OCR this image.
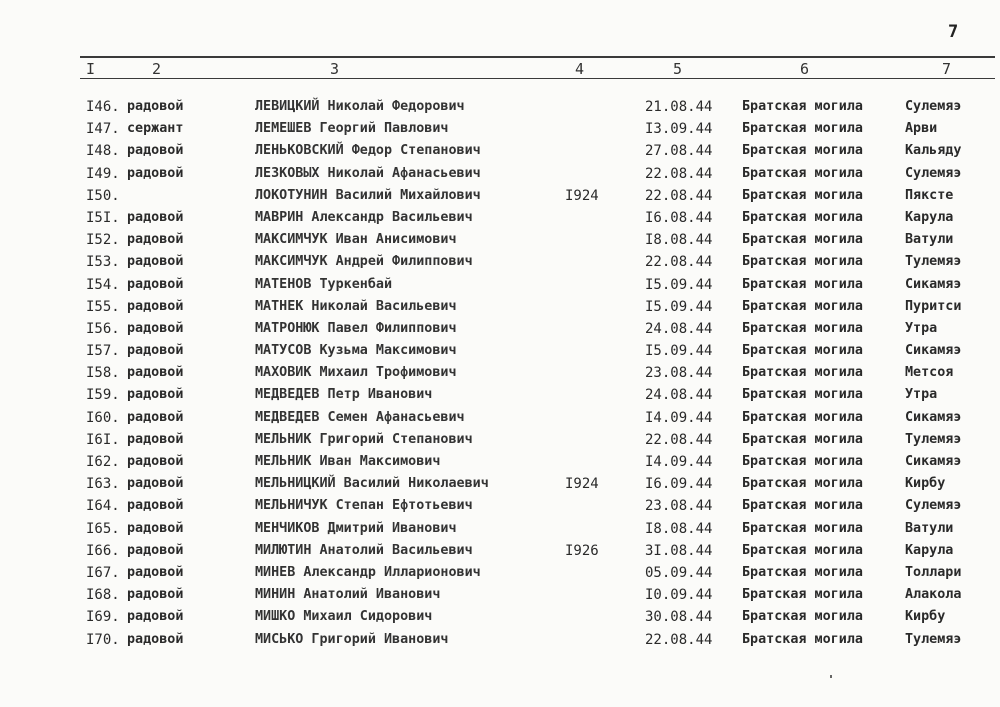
7
I	2	3	4	5	6	7
I46. радовой	ЛЕВИЦКИЙ Николай Федорович	21.08.44 Братская могила	Сулемяэ
I47. сержант	ЛЕМЕШЕВ Георгий Павлович	I3.09.44 Братская могила	Арви
I48. радовой	ЛЕНЬКОВСКИЙ Федор Степанович	27.08.44 Братская могила	Кальяду
I49. радовой	ЛЕЗКОВЫХ Николай Афанасьевич	22.08.44 Братская могила	Сулемяэ
I50.	ЛОКОТУНИН Василий Михайлович	I924	22.08.44 Братская могила	Пяксте
I5I. радовой	МАВРИН Александр Васильевич	I6.08.44 Братская могила	Карула
I52. радовой	МАКСИМЧУК Иван Анисимович	I8.08.44 Братская могила	Ватули
I53. радовой	МАКСИМЧУК Андрей Филиппович	22.08.44 Братская могила	Тулемяэ
I54. радовой	МАТЕНОВ Туркенбай	I5.09.44 Братская могила	Сикамяэ
I55. радовой	МАТНЕК Николай Васильевич	I5.09.44 Братская могила	Пуритси
I56. радовой	МАТРОНЮК Павел Филиппович	24.08.44 Братская могила	Утра
I57. радовой	МАТУСОВ Кузьма Максимович	I5.09.44 Братская могила	Сикамяэ
I58. радовой	МАХОВИК Михаил Трофимович	23.08.44 Братская могила	Метсоя
I59. радовой	МЕДВЕДЕВ Петр Иванович	24.08.44 Братская могила	Утра
I60. радовой	МЕДВЕДЕВ Семен Афанасьевич	I4.09.44 Братская могила	Сикамяэ
I6I. радовой	МЕЛЬНИК Григорий Степанович	22.08.44 Братская могила	Тулемяэ
I62. радовой	МЕЛЬНИК Иван Максимович	I4.09.44 Братская могила	Сикамяэ
I63. радовой	МЕЛЬНИЦКИЙ Василий Николаевич	I924	I6.09.44 Братская могила	Кирбу
I64. радовой	МЕЛЬНИЧУК Степан Ефтотьевич	23.08.44 Братская могила	Сулемяэ
I65. радовой	МЕНЧИКОВ Дмитрий Иванович	I8.08.44 Братская могила	Ватули
I66. радовой	МИЛЮТИН Анатолий Васильевич	I926	3I.08.44 Братская могила	Карула
I67. радовой	МИНЕВ Александр Илларионович	05.09.44 Братская могила	Толлари
I68. радовой	МИНИН Анатолий Иванович	I0.09.44 Братская могила	Алакола
I69. радовой	МИШКО Михаил Сидорович	30.08.44 Братская могила	Кирбу
I70. радовой	МИСЬКО Григорий Иванович	22.08.44 Братская могила	Тулемяэ
